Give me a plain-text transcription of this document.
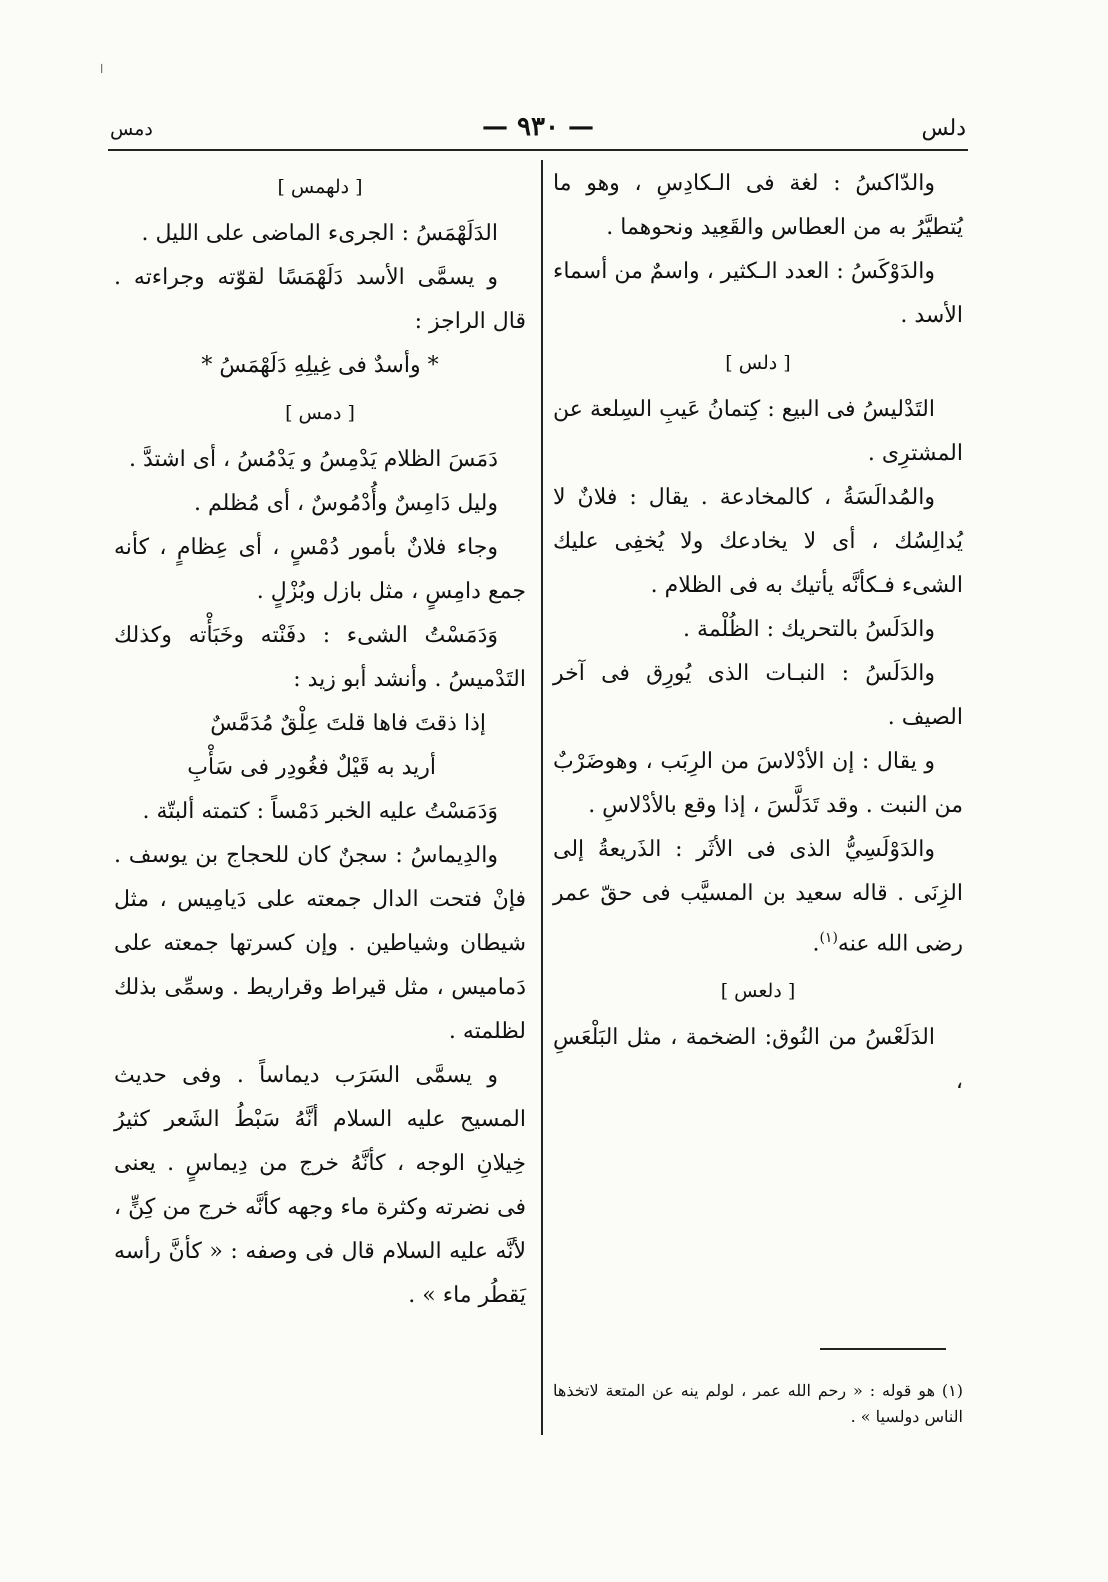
ا
دمس	— ٩٣٠ —	دلس

والدّاكسُ : لغة فى الـكادِسِ ، وهو ما يُتطيَّرُ به من العطاس والقَعِيد ونحوهما .

والدَوْكَسُ : العدد الـكثير ، واسمٌ من أسماء الأسد .

[ دلس ]

التَدْليسُ فى البيع : كِتمانُ عَيبِ السِلعة عن المشترِى .

والمُدالَسَةُ ، كالمخادعة . يقال : فلانٌ لا يُدالِسُك ، أى لا يخادعك ولا يُخفِى عليك الشىء فـكأنَّه يأتيك به فى الظلام .

والدَلَسُ بالتحريك : الظُلْمة .

والدَلَسُ : النبـات الذى يُورِق فى آخر الصيف .

و يقال : إن الأدْلاسَ من الرِبَب ، وهوضَرْبٌ من النبت . وقد تَدَلَّسَ ، إذا وقع بالأدْلاسِ .

والدَوْلَسِيُّ الذى فى الأثَر : الذَريعةُ إلى الزِنَى . قاله سعيد بن المسيَّب فى حقّ عمر رضى الله عنه$^{(١)}$.

[ دلعس ]

الدَلَعْسُ من النُوق: الضخمة ، مثل البَلْعَسِ ،

(١) هو قوله : « رحم الله عمر ، لولم ينه عن المتعة لاتخذها الناس دولسيا » .

[ دلهمس ]

الدَلَهْمَسُ : الجرىء الماضى على الليل .

و يسمَّى الأسد دَلَهْمَسًا لقوّته وجراءته . قال الراجز :

* وأسدٌ فى غِيلِهِ دَلَهْمَسُ *

[ دمس ]

دَمَسَ الظلام يَدْمِسُ و يَدْمُسُ ، أى اشتدَّ .

وليل دَامِسٌ وأُدْمُوسٌ ، أى مُظلم .

وجاء فلانٌ بأمور دُمْسٍ ، أى عِظامٍ ، كأنه جمع دامِسٍ ، مثل بازل وبُزْلٍ .

وَدَمَسْتُ الشىء : دفَنْته وخَبَأْته وكذلك التَدْميسُ . وأنشد أبو زيد :

إذا ذقتَ فاها قلتَ عِلْقٌ مُدَمَّسٌ

أريد به قَيْلٌ فغُودِر فى سَأْبِ

وَدَمَسْتُ عليه الخبر دَمْساً : كتمته ألبتّة .

والدِيماسُ : سجنٌ كان للحجاج بن يوسف . فإنْ فتحت الدال جمعته على دَيامِيس ، مثل شيطان وشياطين . وإن كسرتها جمعته على دَماميس ، مثل قيراط وقراريط . وسمِّى بذلك لظلمته .

و يسمَّى السَرَب ديماساً . وفى حديث المسيح عليه السلام أنَّهُ سَبْطُ الشَعر كثيرُ خِيلانِ الوجه ، كأنَّهُ خرج من دِيماسٍ . يعنى فى نضرته وكثرة ماء وجهه كأنَّه خرج من كِنٍّ ، لأنَّه عليه السلام قال فى وصفه : « كأنَّ رأسه يَقطُر ماء » .
